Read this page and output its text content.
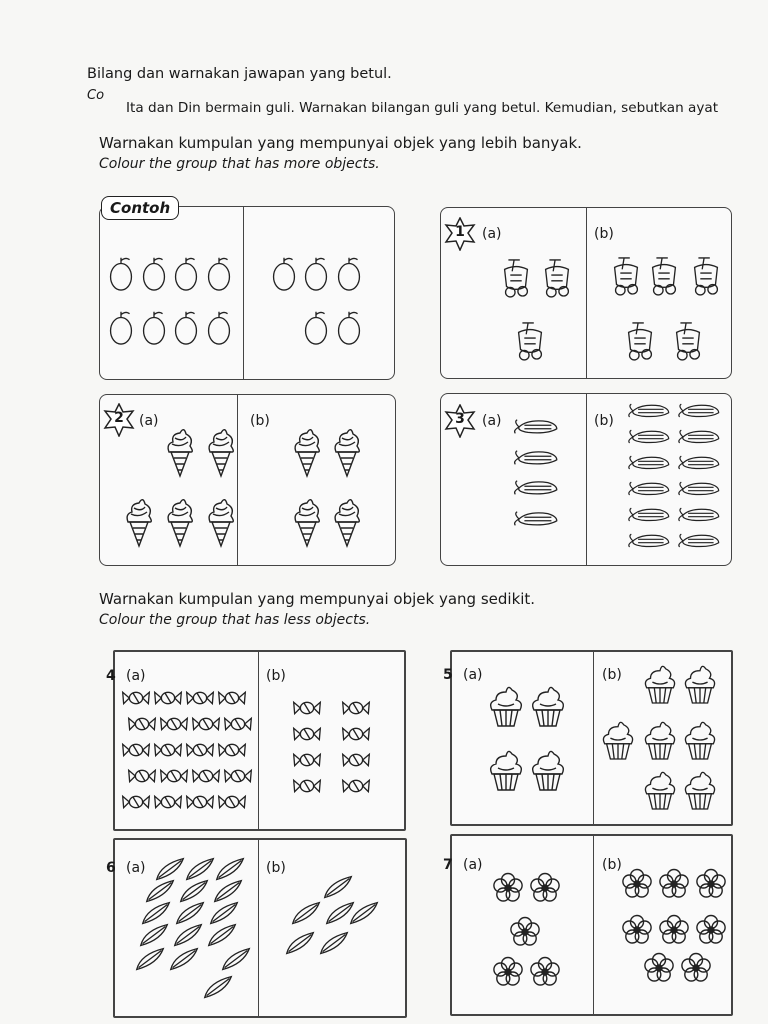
Bilang dan warnakan jawapan yang betul.
Co
Ita dan Din bermain guli. Warnakan bilangan guli yang betul. Kemudian, sebutkan ayat
Warnakan kumpulan yang mempunyai objek yang lebih banyak.
Colour the group that has more objects.
Contoh
1	(a)	(b)
2	(a)	(b)	3	(a)	(b)
Warnakan kumpulan yang mempunyai objek yang sedikit.
Colour the group that has less objects.
4 (a)	(b)	5 (a)	(b)
6 (a)	(b)	7 (a)	(b)
